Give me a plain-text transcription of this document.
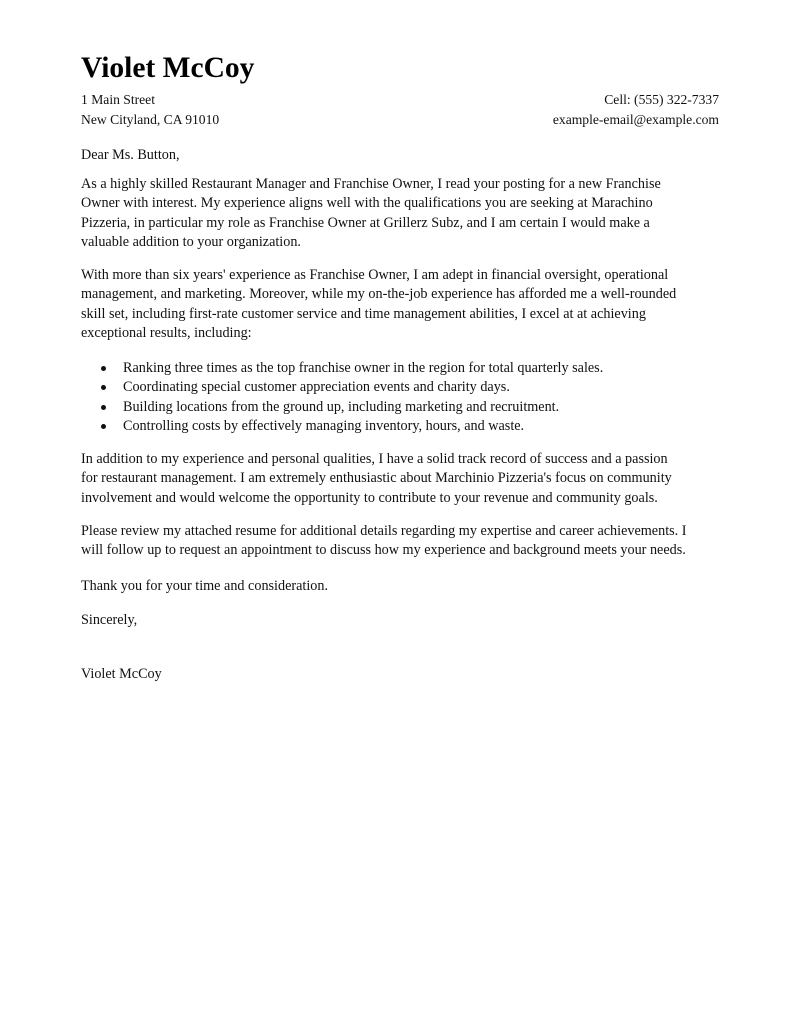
Violet McCoy
1 Main Street	Cell: (555) 322-7337
New Cityland, CA 91010	example-email@example.com

Dear Ms. Button,

As a highly skilled Restaurant Manager and Franchise Owner, I read your posting for a new Franchise
Owner with interest. My experience aligns well with the qualifications you are seeking at Marachino
Pizzeria, in particular my role as Franchise Owner at Grillerz Subz, and I am certain I would make a
valuable addition to your organization.

With more than six years' experience as Franchise Owner, I am adept in financial oversight, operational
management, and marketing. Moreover, while my on-the-job experience has afforded me a well-rounded
skill set, including first-rate customer service and time management abilities, I excel at at achieving
exceptional results, including:

Ranking three times as the top franchise owner in the region for total quarterly sales.
Coordinating special customer appreciation events and charity days.
Building locations from the ground up, including marketing and recruitment.
Controlling costs by effectively managing inventory, hours, and waste.

In addition to my experience and personal qualities, I have a solid track record of success and a passion
for restaurant management. I am extremely enthusiastic about Marchinio Pizzeria's focus on community
involvement and would welcome the opportunity to contribute to your revenue and community goals.

Please review my attached resume for additional details regarding my expertise and career achievements. I
will follow up to request an appointment to discuss how my experience and background meets your needs.

Thank you for your time and consideration.

Sincerely,

Violet McCoy
